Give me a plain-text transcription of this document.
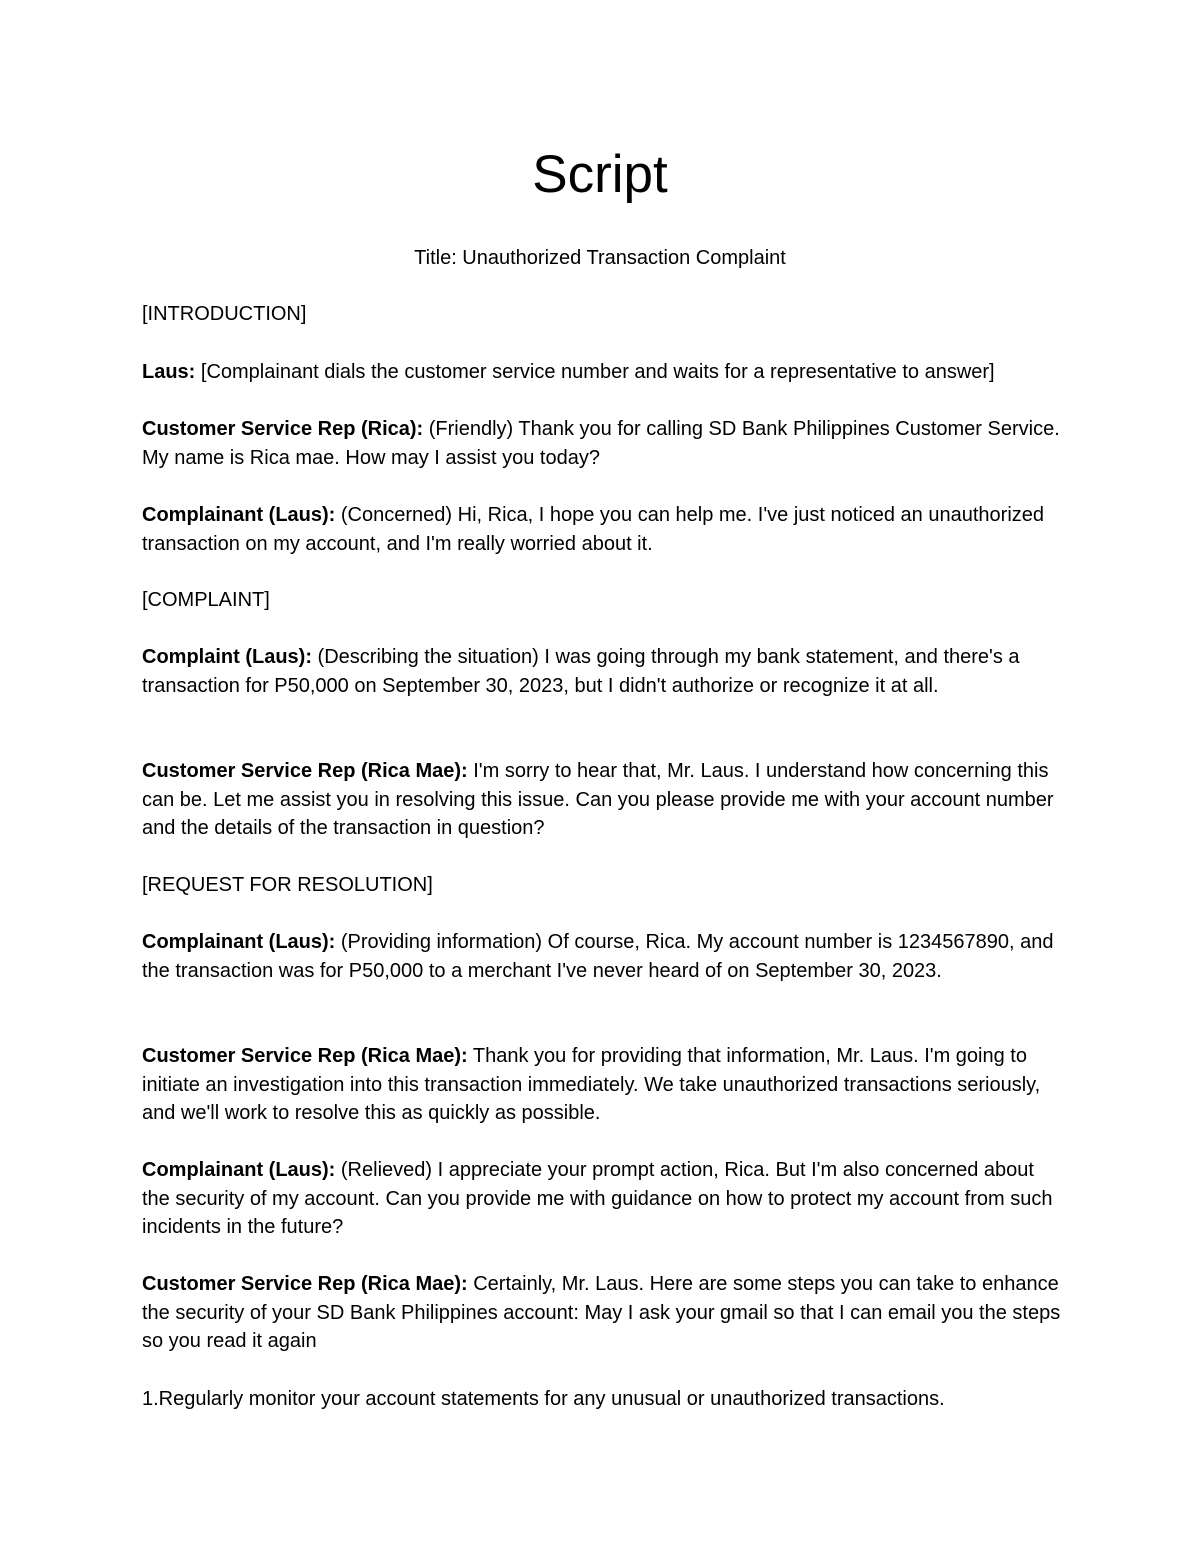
Script

Title: Unauthorized Transaction Complaint

[INTRODUCTION]

Laus: [Complainant dials the customer service number and waits for a representative to answer]

Customer Service Rep (Rica): (Friendly) Thank you for calling SD Bank Philippines Customer Service. My name is Rica mae. How may I assist you today?

Complainant (Laus): (Concerned) Hi, Rica, I hope you can help me. I've just noticed an unauthorized transaction on my account, and I'm really worried about it.

[COMPLAINT]

Complaint (Laus): (Describing the situation) I was going through my bank statement, and there's a transaction for P50,000 on September 30, 2023, but I didn't authorize or recognize it at all.

Customer Service Rep (Rica Mae): I'm sorry to hear that, Mr. Laus. I understand how concerning this can be. Let me assist you in resolving this issue. Can you please provide me with your account number and the details of the transaction in question?

[REQUEST FOR RESOLUTION]

Complainant (Laus): (Providing information) Of course, Rica. My account number is 1234567890, and the transaction was for P50,000 to a merchant I've never heard of on September 30, 2023.

Customer Service Rep (Rica Mae): Thank you for providing that information, Mr. Laus. I'm going to initiate an investigation into this transaction immediately. We take unauthorized transactions seriously, and we'll work to resolve this as quickly as possible.

Complainant (Laus): (Relieved) I appreciate your prompt action, Rica. But I'm also concerned about the security of my account. Can you provide me with guidance on how to protect my account from such incidents in the future?

Customer Service Rep (Rica Mae): Certainly, Mr. Laus. Here are some steps you can take to enhance the security of your SD Bank Philippines account: May I ask your gmail so that I can email you the steps so you read it again

1.Regularly monitor your account statements for any unusual or unauthorized transactions.
